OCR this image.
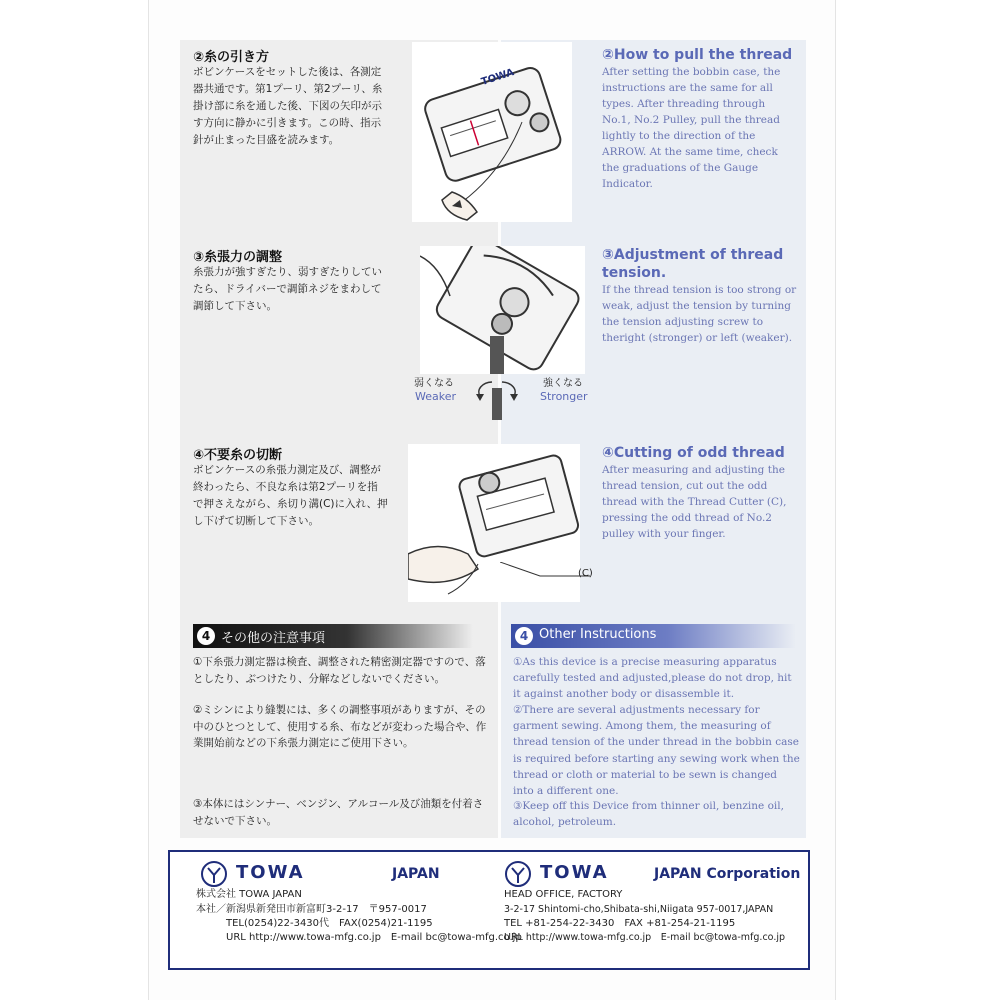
②糸の引き方
ボビンケースをセットした後は、各測定器共通です。第1プーリ、第2プーリ、糸掛け部に糸を通した後、下図の矢印が示す方向に静かに引きます。この時、指示針が止まった目盛を読みます。
②How to pull the thread
After setting the bobbin case, the instructions are the same for all types. After threading through No.1, No.2 Pulley, pull the thread lightly to the direction of the ARROW. At the same time, check the graduations of the Gauge Indicator.
TOWA
③糸張力の調整
糸張力が強すぎたり、弱すぎたりしていたら、ドライバーで調節ネジをまわして調節して下さい。
③Adjustment of thread tension.
If the thread tension is too strong or weak, adjust the tension by turning the tension adjusting screw to theright (stronger) or left (weaker).
弱くなる
Weaker
強くなる
Stronger
④不要糸の切断
ボビンケースの糸張力測定及び、調整が終わったら、不良な糸は第2プーリを指で押さえながら、糸切り溝(C)に入れ、押し下げて切断して下さい。
④Cutting of odd thread
After measuring and adjusting the thread tension, cut out the odd thread with the Thread Cutter (C), pressing the odd thread of No.2 pulley with your finger.
(C)
4 その他の注意事項	4 Other Instructions
①下糸張力測定器は検査、調整された精密測定器ですので、落としたり、ぶつけたり、分解などしないでください。
②ミシンにより縫製には、多くの調整事項がありますが、その中のひとつとして、使用する糸、布などが変わった場合や、作業開始前などの下糸張力測定にご使用下さい。
③本体にはシンナー、ベンジン、アルコール及び油類を付着させないで下さい。
①As this device is a precise measuring apparatus carefully tested and adjusted,please do not drop, hit it against another body or disassemble it.
②There are several adjustments necessary for garment sewing. Among them, the measuring of thread tension of the under thread in the bobbin case is required before starting any sewing work when the thread or cloth or material to be sewn is changed into a different one.
③Keep off this Device from thinner oil, benzine oil, alcohol, petroleum.
TOWA	JAPAN
株式会社 TOWA JAPAN
本社／新潟県新発田市新富町3-2-17　〒957-0017
TEL(0254)22-3430代　FAX(0254)21-1195
URL http://www.towa-mfg.co.jp　E-mail bc@towa-mfg.co.jp
TOWA	JAPAN Corporation
HEAD OFFICE, FACTORY
3-2-17 Shintomi-cho,Shibata-shi,Niigata 957-0017,JAPAN
TEL +81-254-22-3430　FAX +81-254-21-1195
URL http://www.towa-mfg.co.jp　E-mail bc@towa-mfg.co.jp
